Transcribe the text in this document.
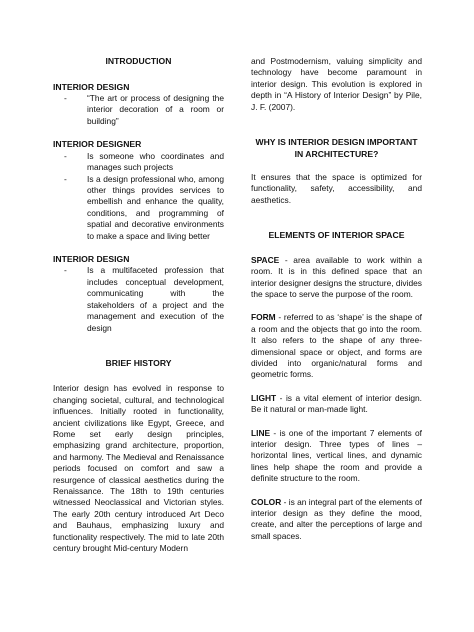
INTRODUCTION

INTERIOR DESIGN

- “The art or process of designing the interior decoration of a room or building”

INTERIOR DESIGNER

- Is someone who coordinates and manages such projects
- Is a design professional who, among other things provides services to embellish and enhance the quality, conditions, and programming of spatial and decorative environments to make a space and living better

INTERIOR DESIGN

- Is a multifaceted profession that includes conceptual development, communicating with the stakeholders of a project and the management and execution of the design

BRIEF HISTORY

Interior design has evolved in response to changing societal, cultural, and technological influences. Initially rooted in functionality, ancient civilizations like Egypt, Greece, and Rome set early design principles, emphasizing grand architecture, proportion, and harmony. The Medieval and Renaissance periods focused on comfort and saw a resurgence of classical aesthetics during the Renaissance. The 18th to 19th centuries witnessed Neoclassical and Victorian styles. The early 20th century introduced Art Deco and Bauhaus, emphasizing luxury and functionality respectively. The mid to late 20th century brought Mid-century Modern

and Postmodernism, valuing simplicity and technology have become paramount in interior design. This evolution is explored in depth in “A History of Interior Design” by Pile, J. F. (2007).

WHY IS INTERIOR DESIGN IMPORTANT
IN ARCHITECTURE?

It ensures that the space is optimized for functionality, safety, accessibility, and aesthetics.

ELEMENTS OF INTERIOR SPACE

SPACE - area available to work within a room. It is in this defined space that an interior designer designs the structure, divides the space to serve the purpose of the room.

FORM - referred to as ‘shape’ is the shape of a room and the objects that go into the room. It also refers to the shape of any three-dimensional space or object, and forms are divided into organic/natural forms and geometric forms.

LIGHT - is a vital element of interior design. Be it natural or man-made light.

LINE - is one of the important 7 elements of interior design. Three types of lines – horizontal lines, vertical lines, and dynamic lines help shape the room and provide a definite structure to the room.

COLOR - is an integral part of the elements of interior design as they define the mood, create, and alter the perceptions of large and small spaces.
